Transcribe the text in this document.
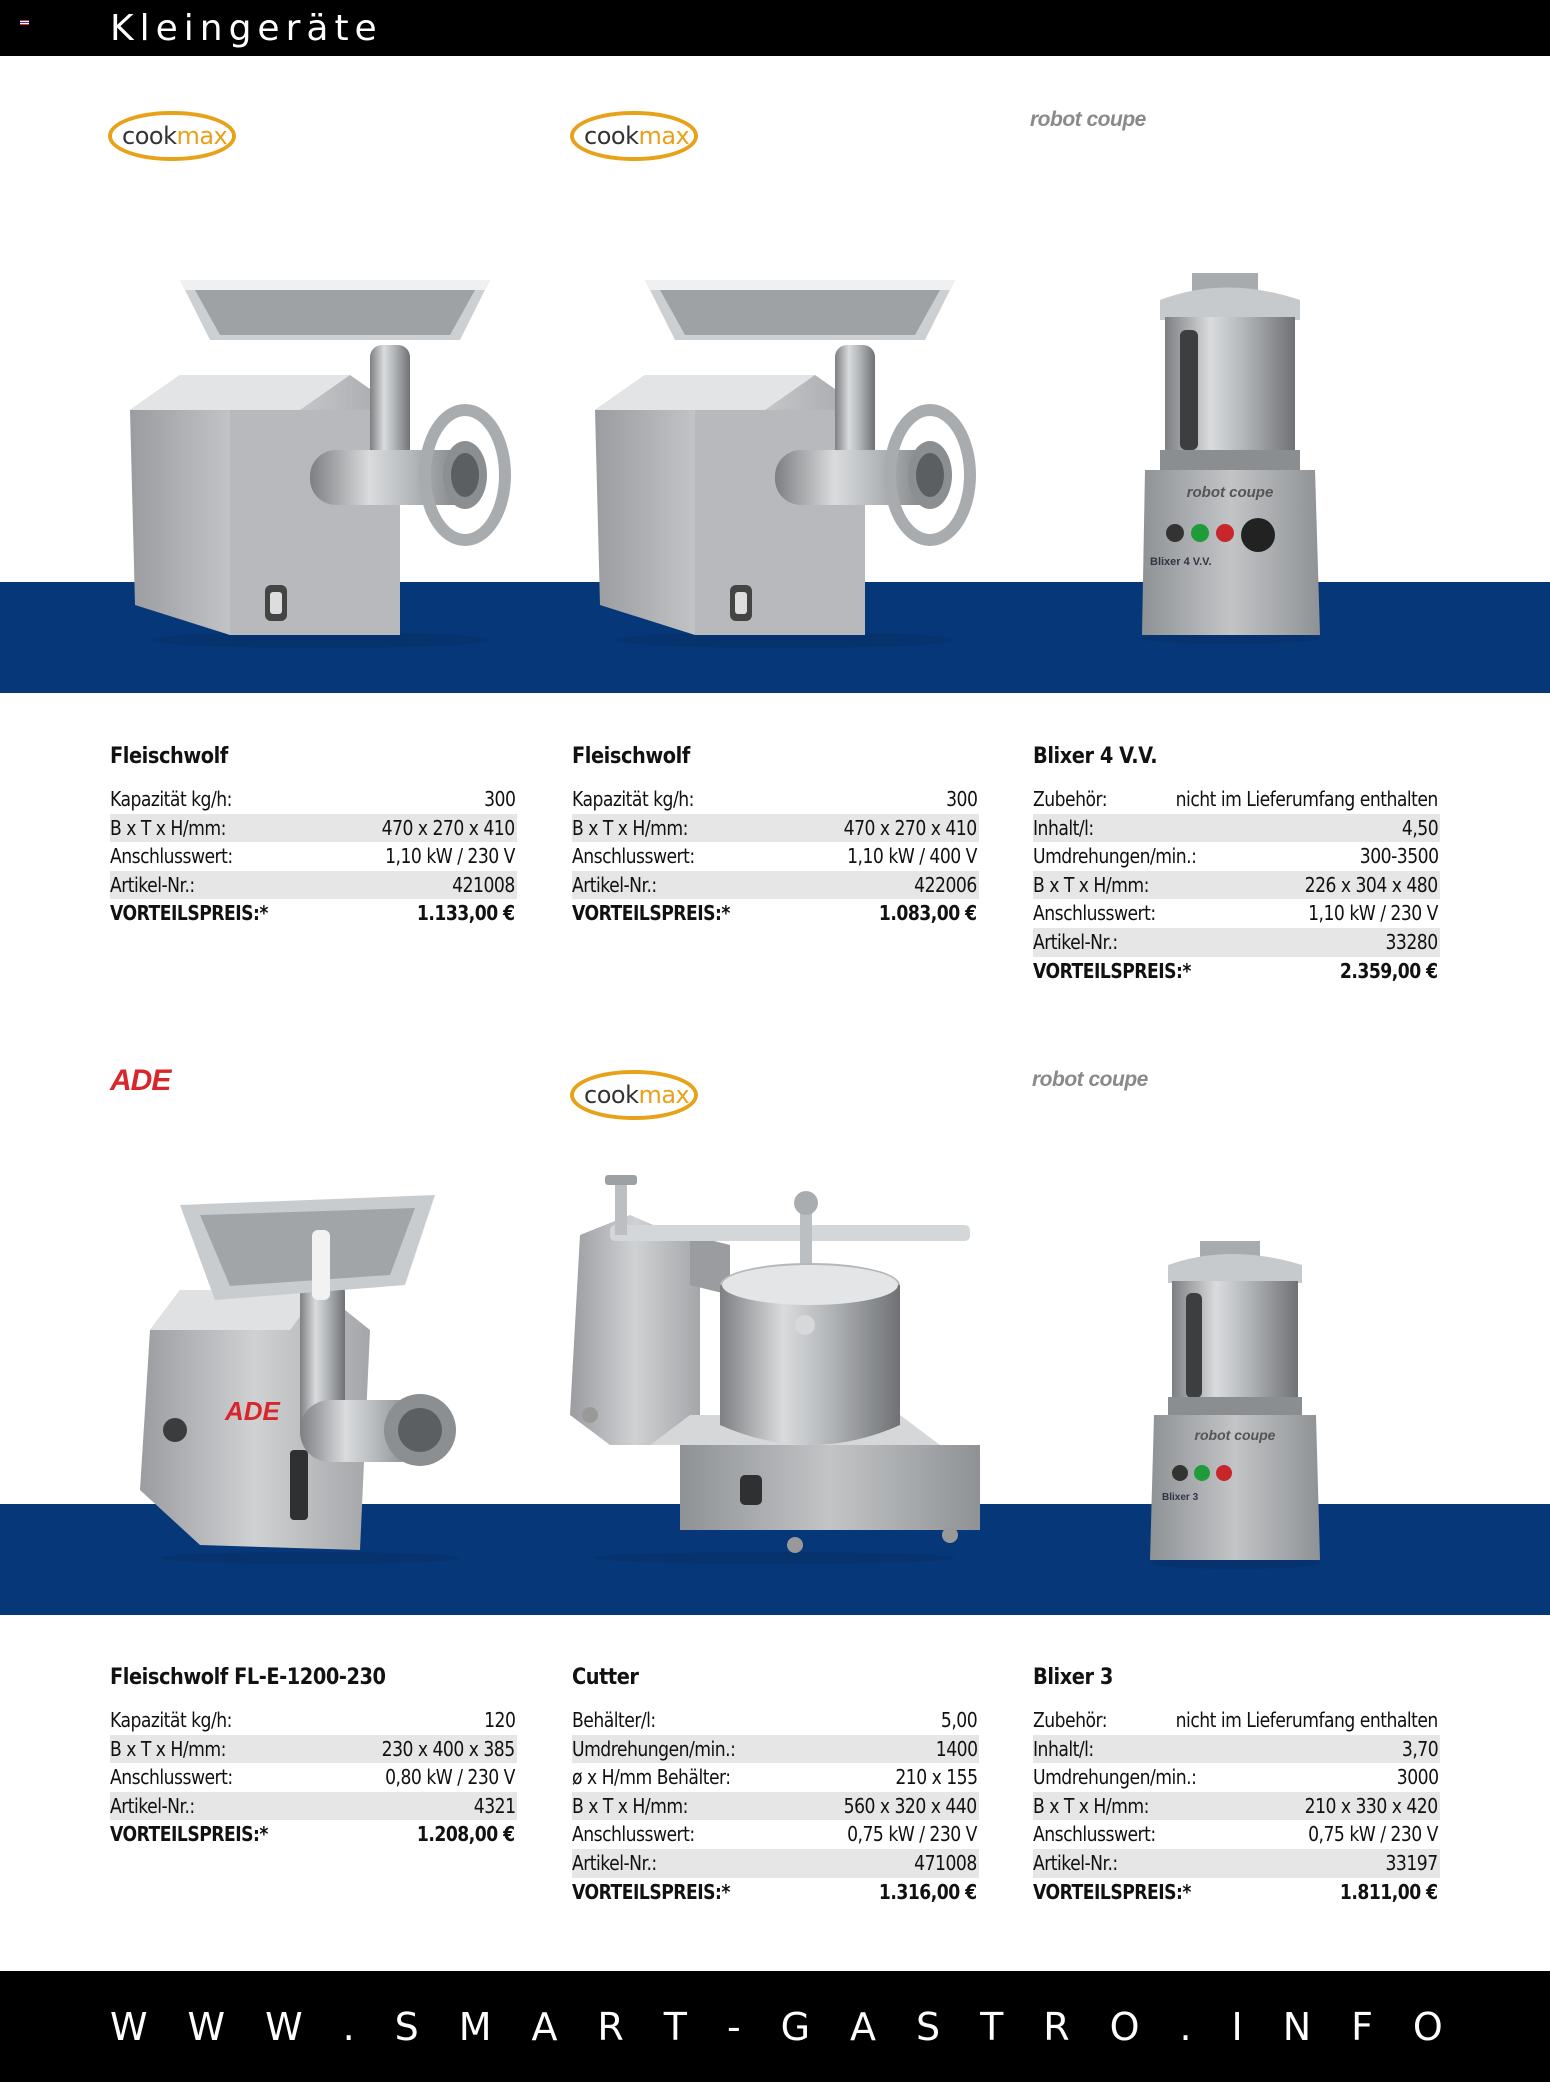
Kleingeräte
cookmax	cookmax
robot coupe
robot coupe
Blixer 4 V.V.
Fleischwolf
Kapazität kg/h:	300
B x T x H/mm:	470 x 270 x 410
Anschlusswert:	1,10 kW / 230 V
Artikel-Nr.:	421008
VORTEILSPREIS:*	1.133,00 €
Fleischwolf
Kapazität kg/h:	300
B x T x H/mm:	470 x 270 x 410
Anschlusswert:	1,10 kW / 400 V
Artikel-Nr.:	422006
VORTEILSPREIS:*	1.083,00 €
Blixer 4 V.V.
Zubehör:	nicht im Lieferumfang enthalten
Inhalt/l:	4,50
Umdrehungen/min.:	300-3500
B x T x H/mm:	226 x 304 x 480
Anschlusswert:	1,10 kW / 230 V
Artikel-Nr.:	33280
VORTEILSPREIS:*	2.359,00 €
ADE	cookmax
robot coupe
ADE
robot coupe
Blixer 3
Fleischwolf FL-E-1200-230
Kapazität kg/h:	120
B x T x H/mm:	230 x 400 x 385
Anschlusswert:	0,80 kW / 230 V
Artikel-Nr.:	4321
VORTEILSPREIS:*	1.208,00 €
Cutter
Behälter/l:	5,00
Umdrehungen/min.:	1400
ø x H/mm Behälter:	210 x 155
B x T x H/mm:	560 x 320 x 440
Anschlusswert:	0,75 kW / 230 V
Artikel-Nr.:	471008
VORTEILSPREIS:*	1.316,00 €
Blixer 3
Zubehör:	nicht im Lieferumfang enthalten
Inhalt/l:	3,70
Umdrehungen/min.:	3000
B x T x H/mm:	210 x 330 x 420
Anschlusswert:	0,75 kW / 230 V
Artikel-Nr.:	33197
VORTEILSPREIS:*	1.811,00 €
W W W . S M A R T - G A S T R O . I N F O
